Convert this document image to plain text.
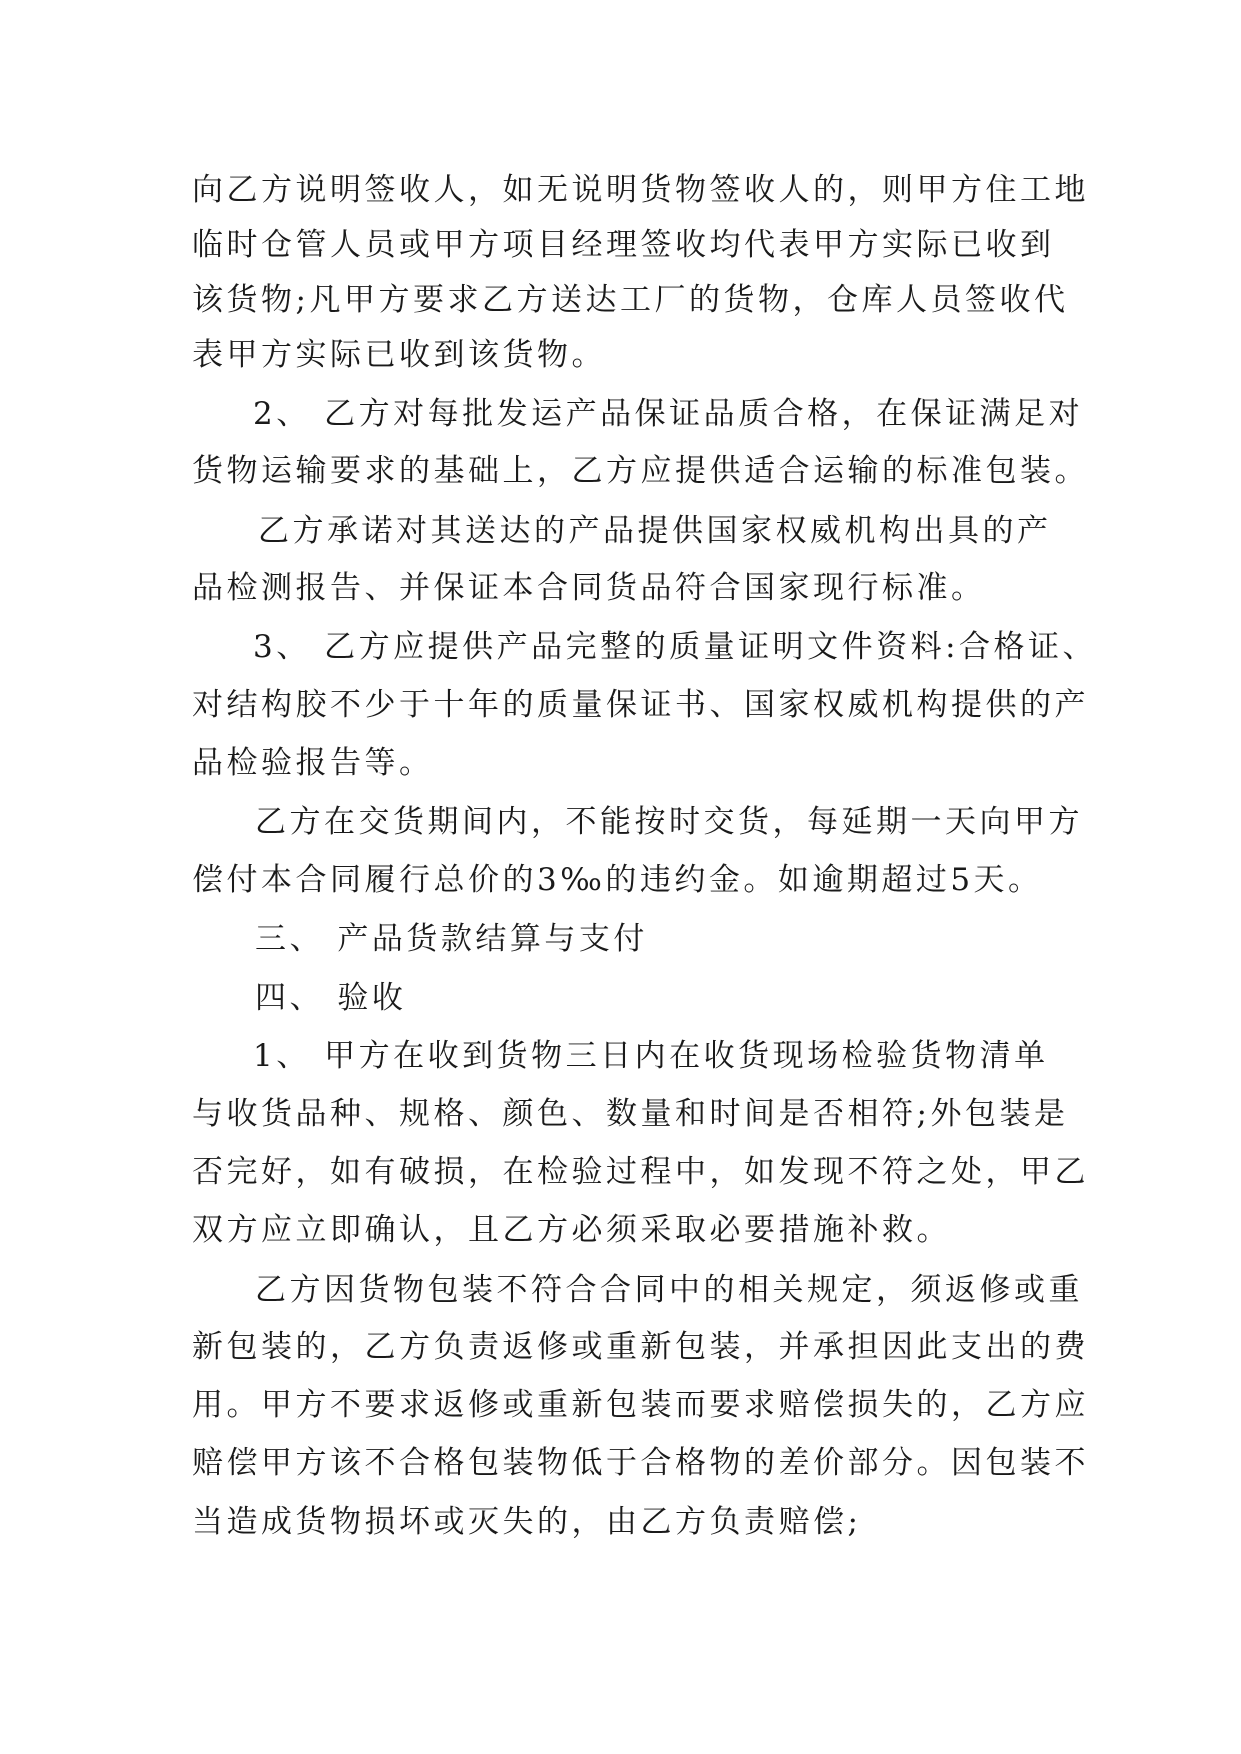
向乙方说明签收人，如无说明货物签收人的，则甲方住工地
临时仓管人员或甲方项目经理签收均代表甲方实际已收到
该货物;凡甲方要求乙方送达工厂的货物，仓库人员签收代
表甲方实际已收到该货物。
2、 乙方对每批发运产品保证品质合格，在保证满足对
货物运输要求的基础上，乙方应提供适合运输的标准包装。
乙方承诺对其送达的产品提供国家权威机构出具的产
品检测报告、并保证本合同货品符合国家现行标准。
3、 乙方应提供产品完整的质量证明文件资料:合格证、
对结构胶不少于十年的质量保证书、国家权威机构提供的产
品检验报告等。
乙方在交货期间内，不能按时交货，每延期一天向甲方
偿付本合同履行总价的3‰的违约金。如逾期超过5天。
三、 产品货款结算与支付
四、 验收
1、 甲方在收到货物三日内在收货现场检验货物清单
与收货品种、规格、颜色、数量和时间是否相符;外包装是
否完好，如有破损，在检验过程中，如发现不符之处，甲乙
双方应立即确认，且乙方必须采取必要措施补救。
乙方因货物包装不符合合同中的相关规定，须返修或重
新包装的，乙方负责返修或重新包装，并承担因此支出的费
用。甲方不要求返修或重新包装而要求赔偿损失的，乙方应
赔偿甲方该不合格包装物低于合格物的差价部分。因包装不
当造成货物损坏或灭失的，由乙方负责赔偿;
